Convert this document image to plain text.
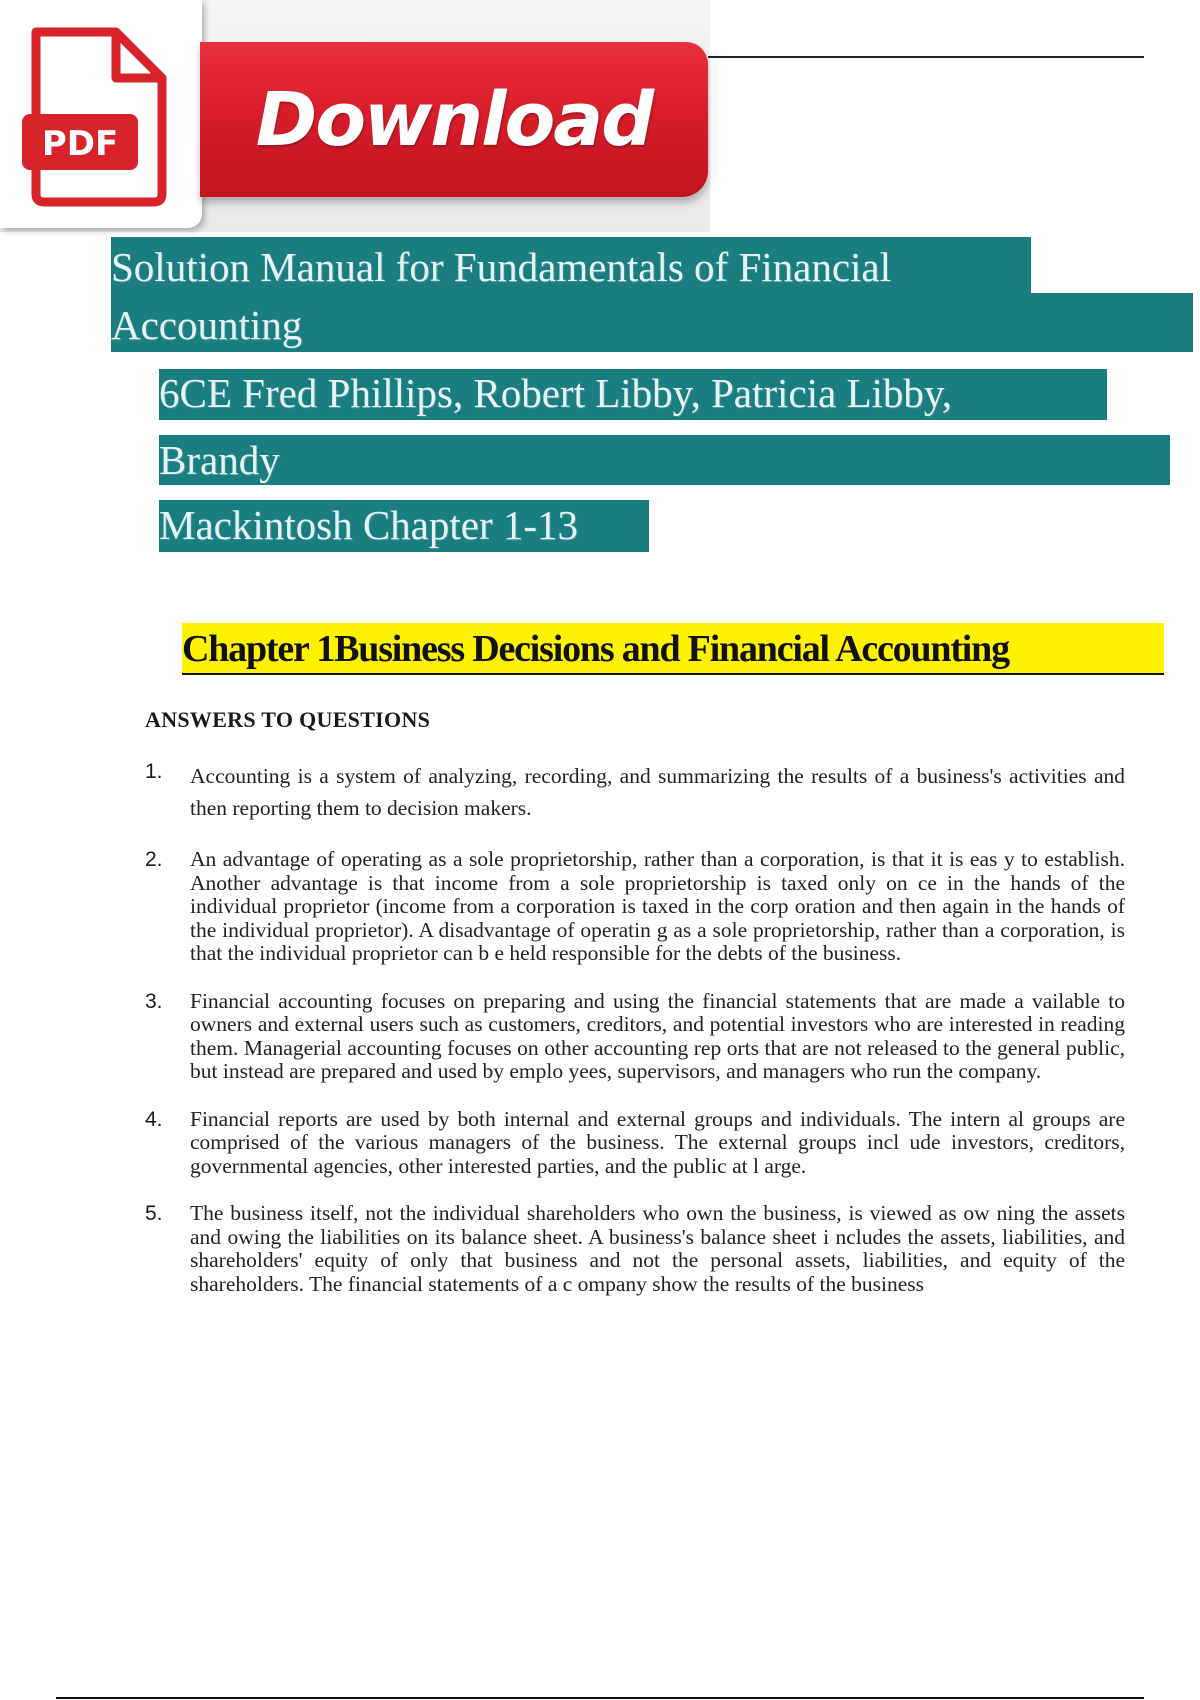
PDF Download
Solution Manual for Fundamentals of Financial
Accounting
6CE Fred Phillips, Robert Libby, Patricia Libby,
Brandy
Mackintosh Chapter 1-13
Chapter 1Business Decisions and Financial Accounting
ANSWERS TO QUESTIONS
1. Accounting is a system of analyzing, recording, and summarizing the results of a business's activities and then reporting them to decision makers.
2. An advantage of operating as a sole proprietorship, rather than a corporation, is that it is eas y to establish. Another advantage is that income from a sole proprietorship is taxed only on ce in the hands of the individual proprietor (income from a corporation is taxed in the corp oration and then again in the hands of the individual proprietor). A disadvantage of operatin g as a sole proprietorship, rather than a corporation, is that the individual proprietor can b e held responsible for the debts of the business.
3. Financial accounting focuses on preparing and using the financial statements that are made a vailable to owners and external users such as customers, creditors, and potential investors who are interested in reading them. Managerial accounting focuses on other accounting rep orts that are not released to the general public, but instead are prepared and used by emplo yees, supervisors, and managers who run the company.
4. Financial reports are used by both internal and external groups and individuals. The intern al groups are comprised of the various managers of the business. The external groups incl ude investors, creditors, governmental agencies, other interested parties, and the public at l arge.
5. The business itself, not the individual shareholders who own the business, is viewed as ow ning the assets and owing the liabilities on its balance sheet. A business's balance sheet i ncludes the assets, liabilities, and shareholders' equity of only that business and not the personal assets, liabilities, and equity of the shareholders. The financial statements of a c ompany show the results of the business
